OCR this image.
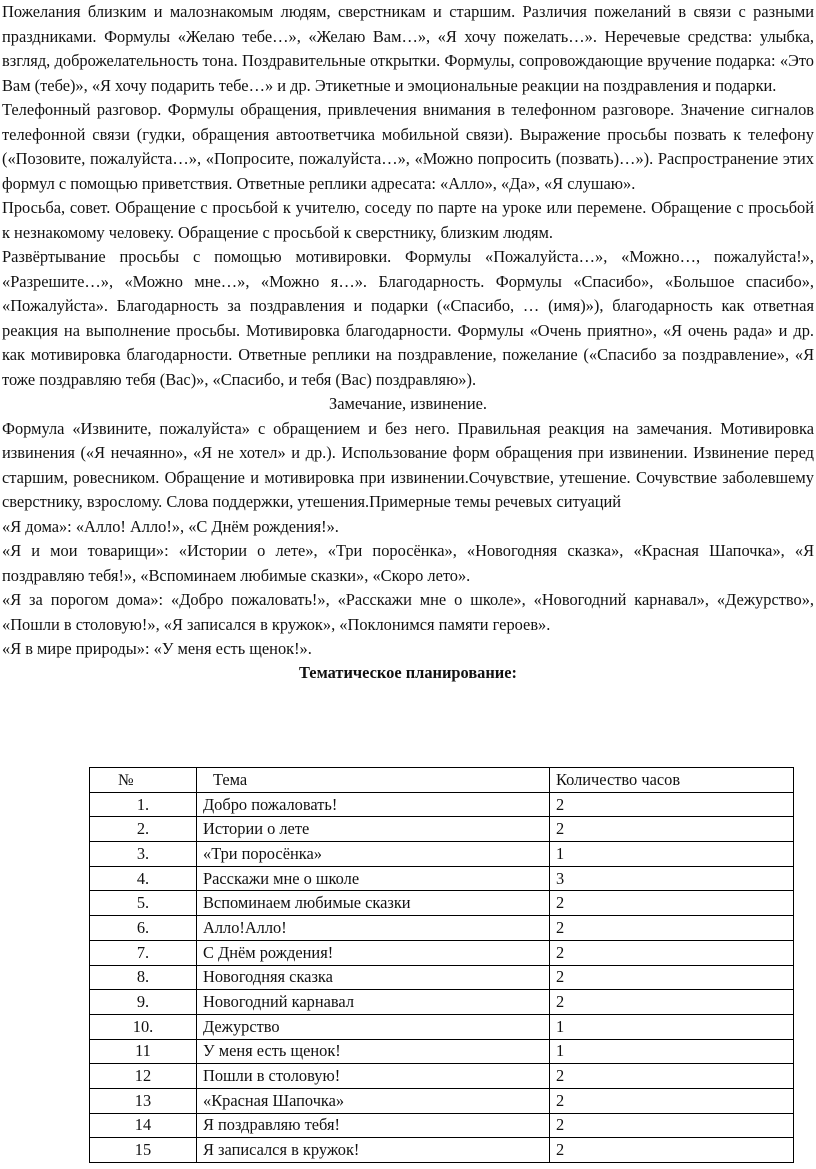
Пожелания близким и малознакомым людям, сверстникам и старшим. Различия пожеланий в связи с разными праздниками. Формулы «Желаю тебе…», «Желаю Вам…», «Я хочу пожелать…». Неречевые средства: улыбка, взгляд, доброжелательность тона. Поздравительные открытки. Формулы, сопровождающие вручение подарка: «Это Вам (тебе)», «Я хочу подарить тебе…» и др. Этикетные и эмоциональные реакции на поздравления и подарки.

Телефонный разговор. Формулы обращения, привлечения внимания в телефонном разговоре. Значение сигналов телефонной связи (гудки, обращения автоответчика мобильной связи). Выражение просьбы позвать к телефону («Позовите, пожалуйста…», «Попросите, пожалуйста…», «Можно попросить (позвать)…»). Распространение этих формул с помощью приветствия. Ответные реплики адресата: «Алло», «Да», «Я слушаю».

Просьба, совет. Обращение с просьбой к учителю, соседу по парте на уроке или перемене. Обращение с просьбой к незнакомому человеку. Обращение с просьбой к сверстнику, близким людям.

Развёртывание просьбы с помощью мотивировки. Формулы «Пожалуйста…», «Можно…, пожалуйста!», «Разрешите…», «Можно мне…», «Можно я…». Благодарность. Формулы «Спасибо», «Большое спасибо», «Пожалуйста». Благодарность за поздравления и подарки («Спасибо, … (имя)»), благодарность как ответная реакция на выполнение просьбы. Мотивировка благодарности. Формулы «Очень приятно», «Я очень рада» и др. как мотивировка благодарности. Ответные реплики на поздравление, пожелание («Спасибо за поздравление», «Я тоже поздравляю тебя (Вас)», «Спасибо, и тебя (Вас) поздравляю»).

Замечание, извинение.

Формула «Извините, пожалуйста» с обращением и без него. Правильная реакция на замечания. Мотивировка извинения («Я нечаянно», «Я не хотел» и др.). Использование форм обращения при извинении. Извинение перед старшим, ровесником. Обращение и мотивировка при извинении.Сочувствие, утешение. Сочувствие заболевшему сверстнику, взрослому. Слова поддержки, утешения.Примерные темы речевых ситуаций

«Я дома»: «Алло! Алло!», «С Днём рождения!».

«Я и мои товарищи»: «Истории о лете», «Три поросёнка», «Новогодняя сказка», «Красная Шапочка», «Я поздравляю тебя!», «Вспоминаем любимые сказки», «Скоро лето».

«Я за порогом дома»: «Добро пожаловать!», «Расскажи мне о школе», «Новогодний карнавал», «Дежурство», «Пошли в столовую!», «Я записался в кружок», «Поклонимся памяти героев».

«Я в мире природы»: «У меня есть щенок!».

Тематическое планирование:

№	Тема	Количество часов
1.	Добро пожаловать!	2
2.	Истории о лете	2
3.	«Три поросёнка»	1
4.	Расскажи мне о школе	3
5.	Вспоминаем любимые сказки	2
6.	Алло!Алло!	2
7.	С Днём рождения!	2
8.	Новогодняя сказка	2
9.	Новогодний карнавал	2
10.	Дежурство	1
11	У меня есть щенок!	1
12	Пошли в столовую!	2
13	«Красная Шапочка»	2
14	Я поздравляю тебя!	2
15	Я записался в кружок!	2
